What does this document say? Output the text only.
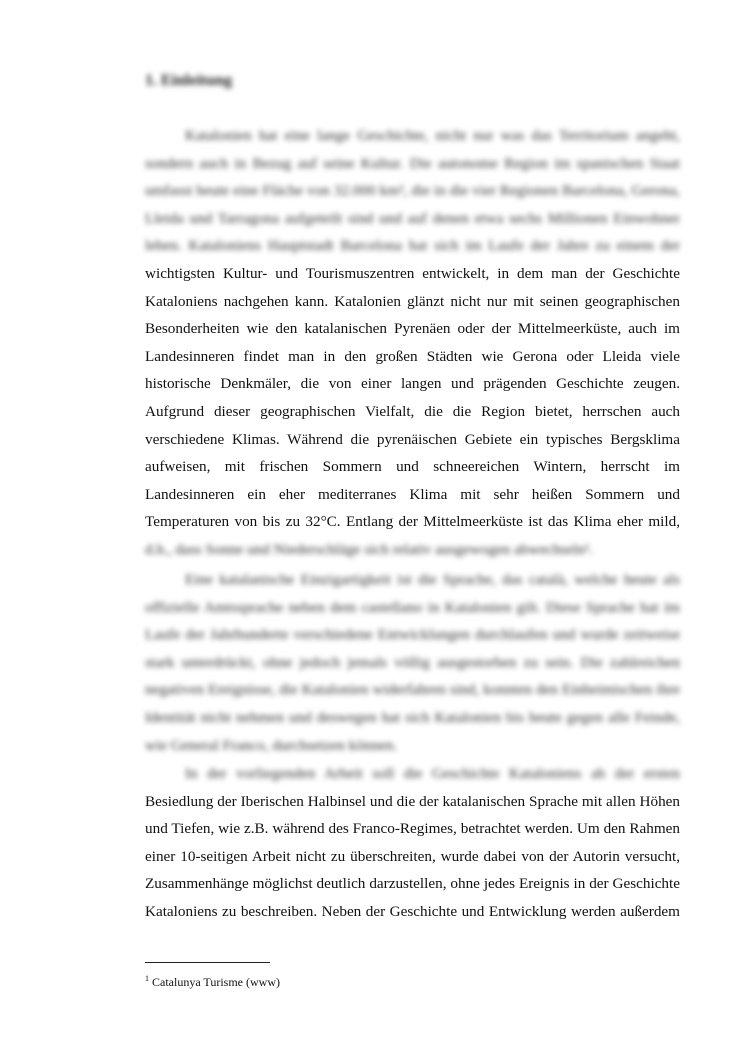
1. Einleitung
Katalonien hat eine lange Geschichte, nicht nur was das Territorium angeht,
sondern auch in Bezug auf seine Kultur. Die autonome Region im spanischen Staat
umfasst heute eine Fläche von 32.000 km², die in die vier Regionen Barcelona, Gerona,
Lleida und Tarragona aufgeteilt sind und auf denen etwa sechs Millionen Einwohner
leben. Kataloniens Hauptstadt Barcelona hat sich im Laufe der Jahre zu einem der
wichtigsten Kultur- und Tourismuszentren entwickelt, in dem man der Geschichte
Kataloniens nachgehen kann. Katalonien glänzt nicht nur mit seinen geographischen
Besonderheiten wie den katalanischen Pyrenäen oder der Mittelmeerküste, auch im
Landesinneren findet man in den großen Städten wie Gerona oder Lleida viele
historische Denkmäler, die von einer langen und prägenden Geschichte zeugen.
Aufgrund dieser geographischen Vielfalt, die die Region bietet, herrschen auch
verschiedene Klimas. Während die pyrenäischen Gebiete ein typisches Bergsklima
aufweisen, mit frischen Sommern und schneereichen Wintern, herrscht im
Landesinneren ein eher mediterranes Klima mit sehr heißen Sommern und
Temperaturen von bis zu 32°C. Entlang der Mittelmeerküste ist das Klima eher mild,
d.h., dass Sonne und Niederschläge sich relativ ausgewogen abwechseln¹.
Eine katalanische Einzigartigkeit ist die Sprache, das català, welche heute als
offizielle Amtssprache neben dem castellano in Katalonien gilt. Diese Sprache hat im
Laufe der Jahrhunderte verschiedene Entwicklungen durchlaufen und wurde zeitweise
stark unterdrückt, ohne jedoch jemals völlig ausgestorben zu sein. Die zahlreichen
negativen Ereignisse, die Katalonien widerfahren sind, konnten den Einheimischen ihre
Identität nicht nehmen und deswegen hat sich Katalonien bis heute gegen alle Feinde,
wie General Franco, durchsetzen können.
In der vorliegenden Arbeit soll die Geschichte Kataloniens ab der ersten
Besiedlung der Iberischen Halbinsel und die der katalanischen Sprache mit allen Höhen
und Tiefen, wie z.B. während des Franco-Regimes, betrachtet werden. Um den Rahmen
einer 10-seitigen Arbeit nicht zu überschreiten, wurde dabei von der Autorin versucht,
Zusammenhänge möglichst deutlich darzustellen, ohne jedes Ereignis in der Geschichte
Kataloniens zu beschreiben. Neben der Geschichte und Entwicklung werden außerdem
$^1$ Catalunya Turisme (www)
